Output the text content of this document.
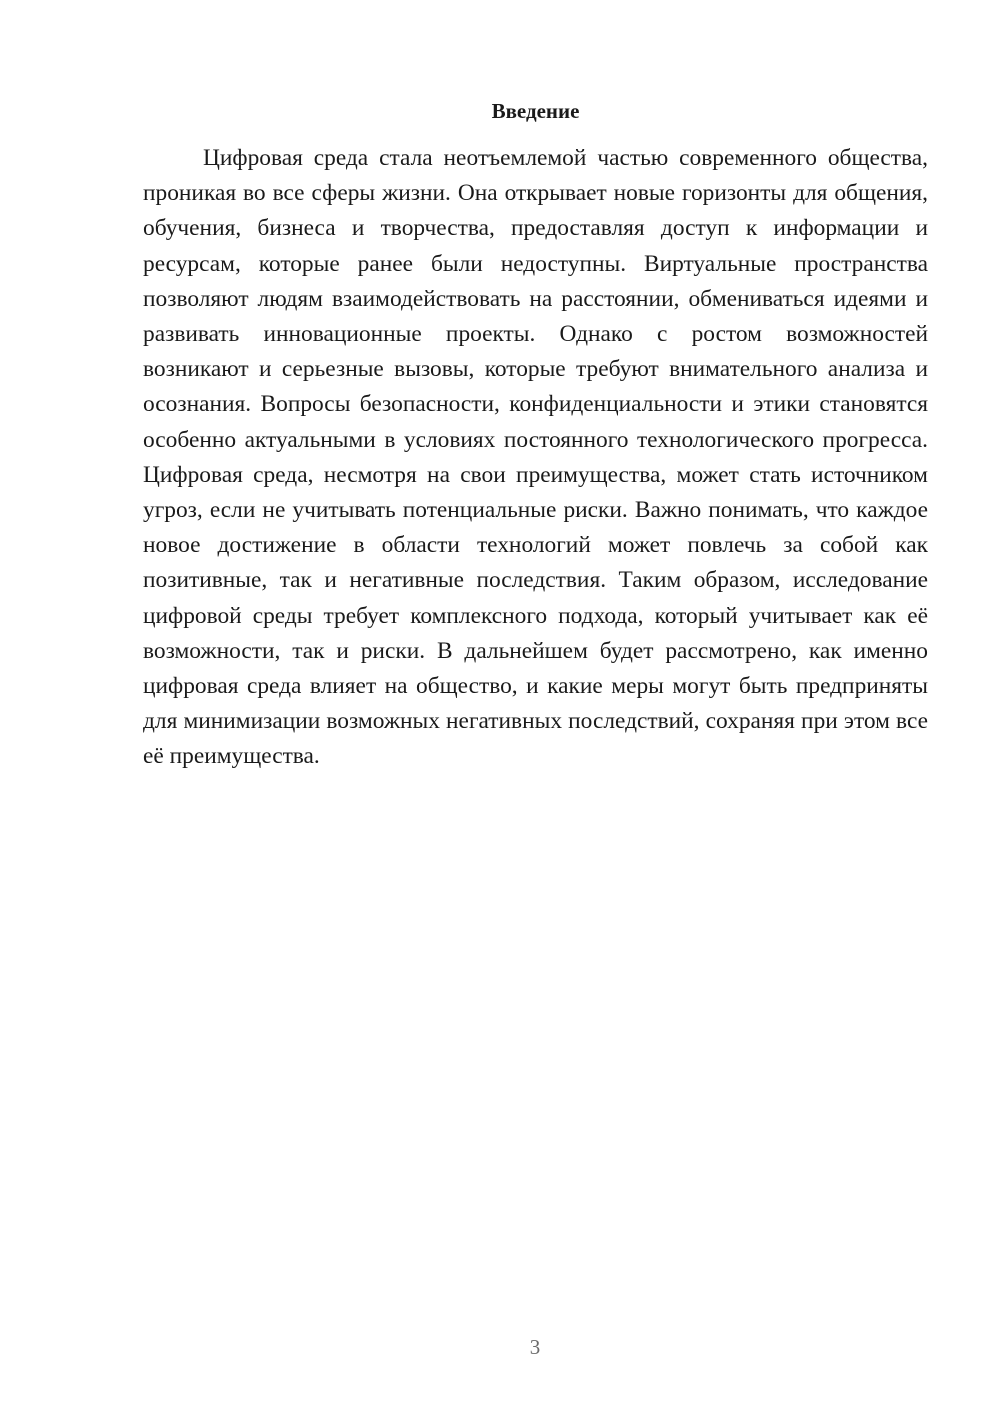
Введение

Цифровая среда стала неотъемлемой частью современного общества, проникая во все сферы жизни. Она открывает новые горизонты для общения, обучения, бизнеса и творчества, предоставляя доступ к информации и ресурсам, которые ранее были недоступны. Виртуальные пространства позволяют людям взаимодействовать на расстоянии, обмениваться идеями и развивать инновационные проекты. Однако с ростом возможностей возникают и серьезные вызовы, которые требуют внимательного анализа и осознания. Вопросы безопасности, конфиденциальности и этики становятся особенно актуальными в условиях постоянного технологического прогресса. Цифровая среда, несмотря на свои преимущества, может стать источником угроз, если не учитывать потенциальные риски. Важно понимать, что каждое новое достижение в области технологий может повлечь за собой как позитивные, так и негативные последствия. Таким образом, исследование цифровой среды требует комплексного подхода, который учитывает как её возможности, так и риски. В дальнейшем будет рассмотрено, как именно цифровая среда влияет на общество, и какие меры могут быть предприняты для минимизации возможных негативных последствий, сохраняя при этом все её преимущества.

3
